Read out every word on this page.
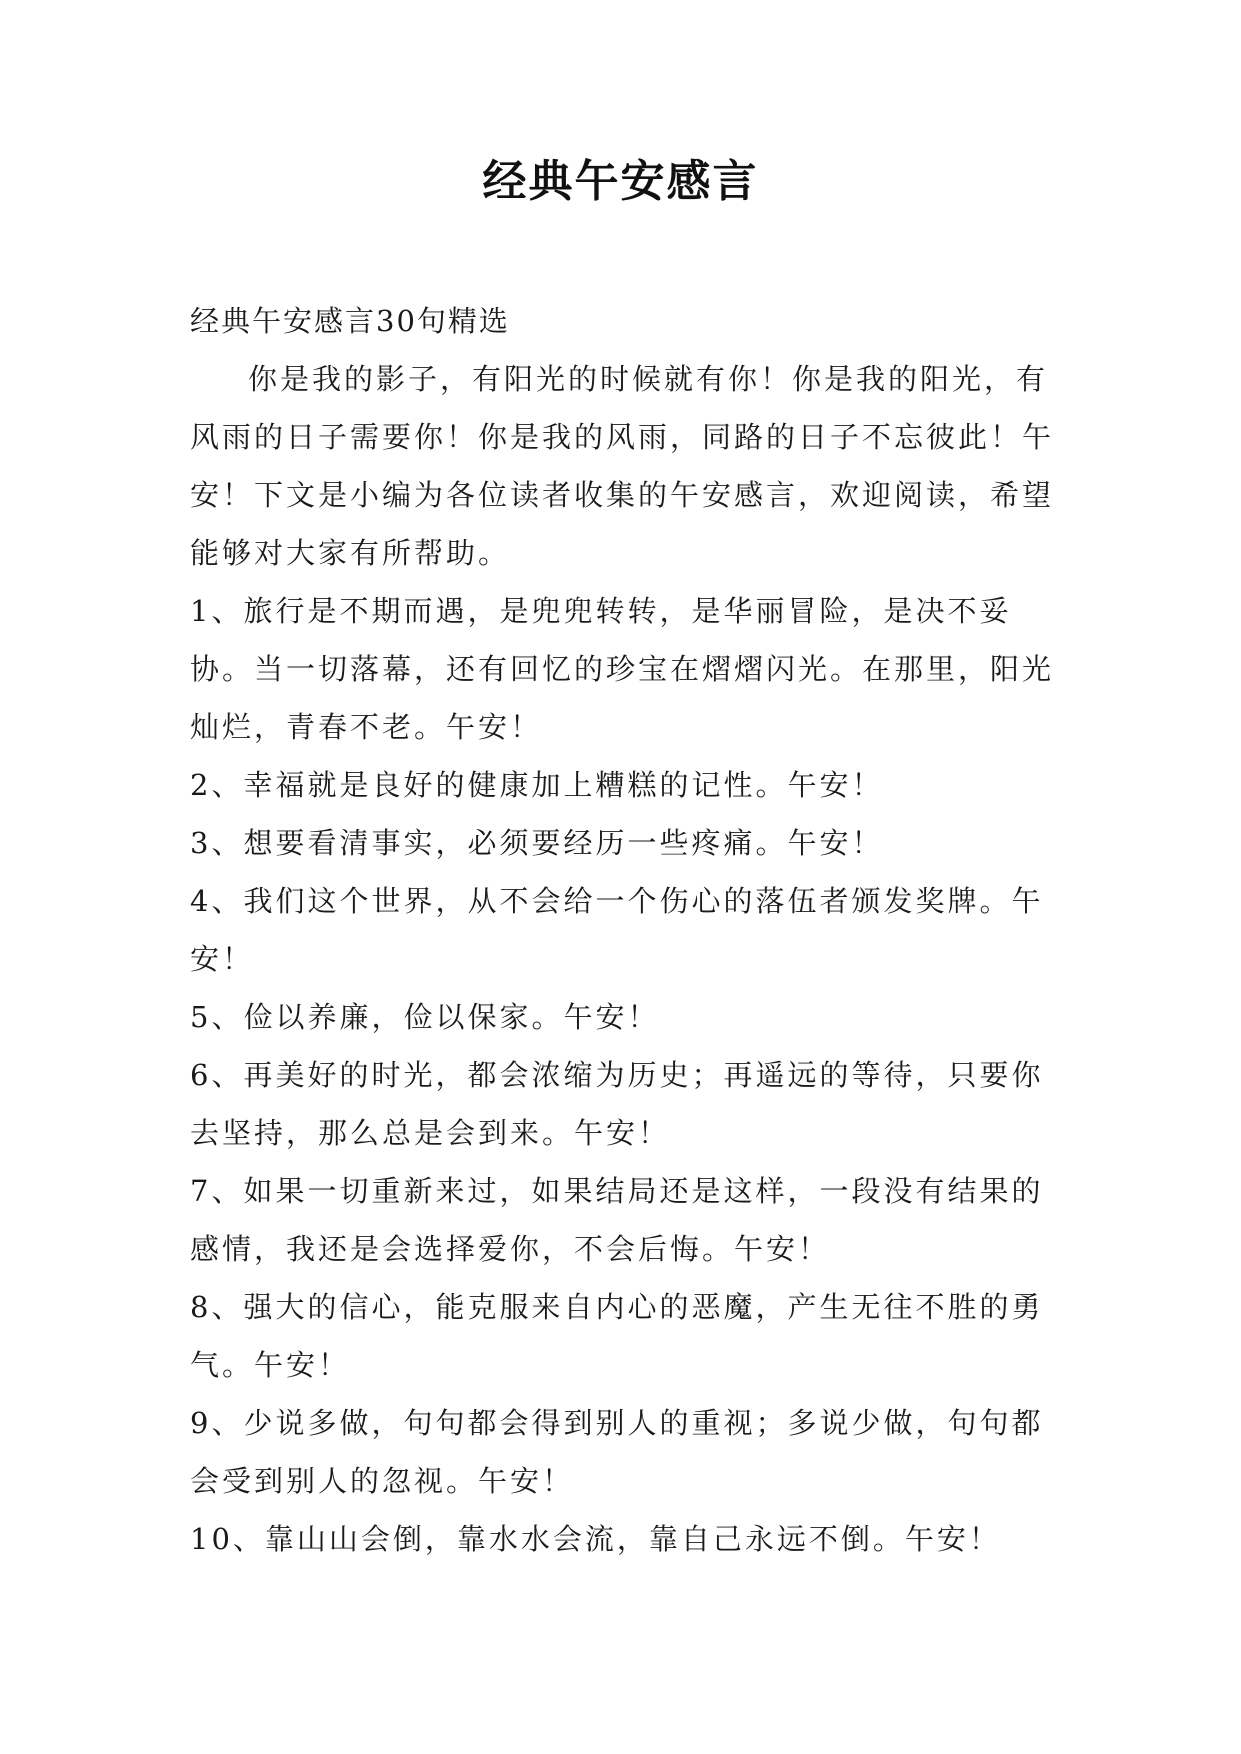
经典午安感言

经典午安感言30句精选

你是我的影子，有阳光的时候就有你！你是我的阳光，有风雨的日子需要你！你是我的风雨，同路的日子不忘彼此！午安！下文是小编为各位读者收集的午安感言，欢迎阅读，希望能够对大家有所帮助。

1、旅行是不期而遇，是兜兜转转，是华丽冒险，是决不妥协。当一切落幕，还有回忆的珍宝在熠熠闪光。在那里，阳光灿烂，青春不老。午安！

2、幸福就是良好的健康加上糟糕的记性。午安！

3、想要看清事实，必须要经历一些疼痛。午安！

4、我们这个世界，从不会给一个伤心的落伍者颁发奖牌。午安！

5、俭以养廉，俭以保家。午安！

6、再美好的时光，都会浓缩为历史；再遥远的等待，只要你去坚持，那么总是会到来。午安！

7、如果一切重新来过，如果结局还是这样，一段没有结果的感情，我还是会选择爱你，不会后悔。午安！

8、强大的信心，能克服来自内心的恶魔，产生无往不胜的勇气。午安！

9、少说多做，句句都会得到别人的重视；多说少做，句句都会受到别人的忽视。午安！

10、靠山山会倒，靠水水会流，靠自己永远不倒。午安！
